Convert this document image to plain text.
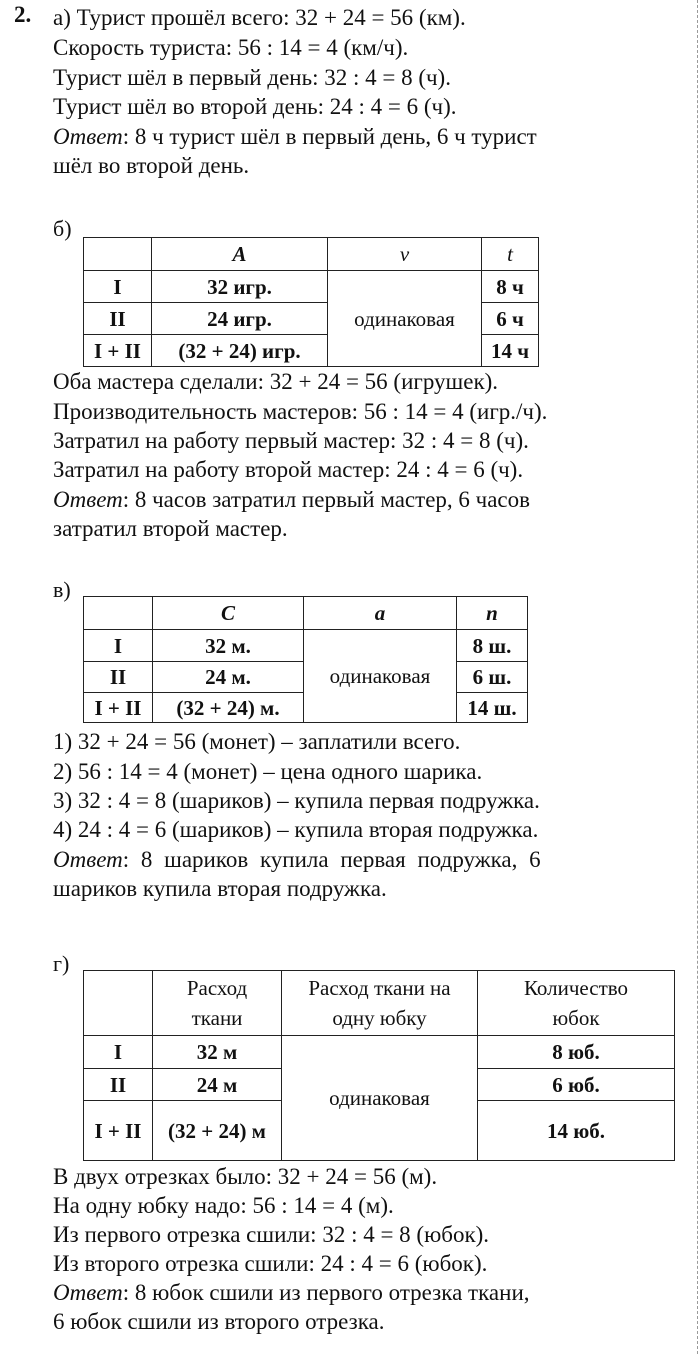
2. а) Турист прошёл всего: 32 + 24 = 56 (км).
Скорость туриста: 56 : 14 = 4 (км/ч).
Турист шёл в первый день: 32 : 4 = 8 (ч).
Турист шёл во второй день: 24 : 4 = 6 (ч).
Ответ: 8 ч турист шёл в первый день, 6 ч турист
шёл во второй день.
б)
	A	v	t
I	32 игр.	одинаковая	8 ч
II	24 игр.		6 ч
I + II	(32 + 24) игр.		14 ч
Оба мастера сделали: 32 + 24 = 56 (игрушек).
Производительность мастеров: 56 : 14 = 4 (игр./ч).
Затратил на работу первый мастер: 32 : 4 = 8 (ч).
Затратил на работу второй мастер: 24 : 4 = 6 (ч).
Ответ: 8 часов затратил первый мастер, 6 часов
затратил второй мастер.
в)
	C	a	n
I	32 м.	одинаковая	8 ш.
II	24 м.		6 ш.
I + II	(32 + 24) м.		14 ш.
1) 32 + 24 = 56 (монет) – заплатили всего.
2) 56 : 14 = 4 (монет) – цена одного шарика.
3) 32 : 4 = 8 (шариков) – купила первая подружка.
4) 24 : 4 = 6 (шариков) – купила вторая подружка.
Ответ: 8 шариков купила первая подружка, 6
шариков купила вторая подружка.
г)
	Расход ткани	Расход ткани на одну юбку	Количество юбок
I	32 м	одинаковая	8 юб.
II	24 м		6 юб.
I + II	(32 + 24) м		14 юб.
В двух отрезках было: 32 + 24 = 56 (м).
На одну юбку надо: 56 : 14 = 4 (м).
Из первого отрезка сшили: 32 : 4 = 8 (юбок).
Из второго отрезка сшили: 24 : 4 = 6 (юбок).
Ответ: 8 юбок сшили из первого отрезка ткани,
6 юбок сшили из второго отрезка.
